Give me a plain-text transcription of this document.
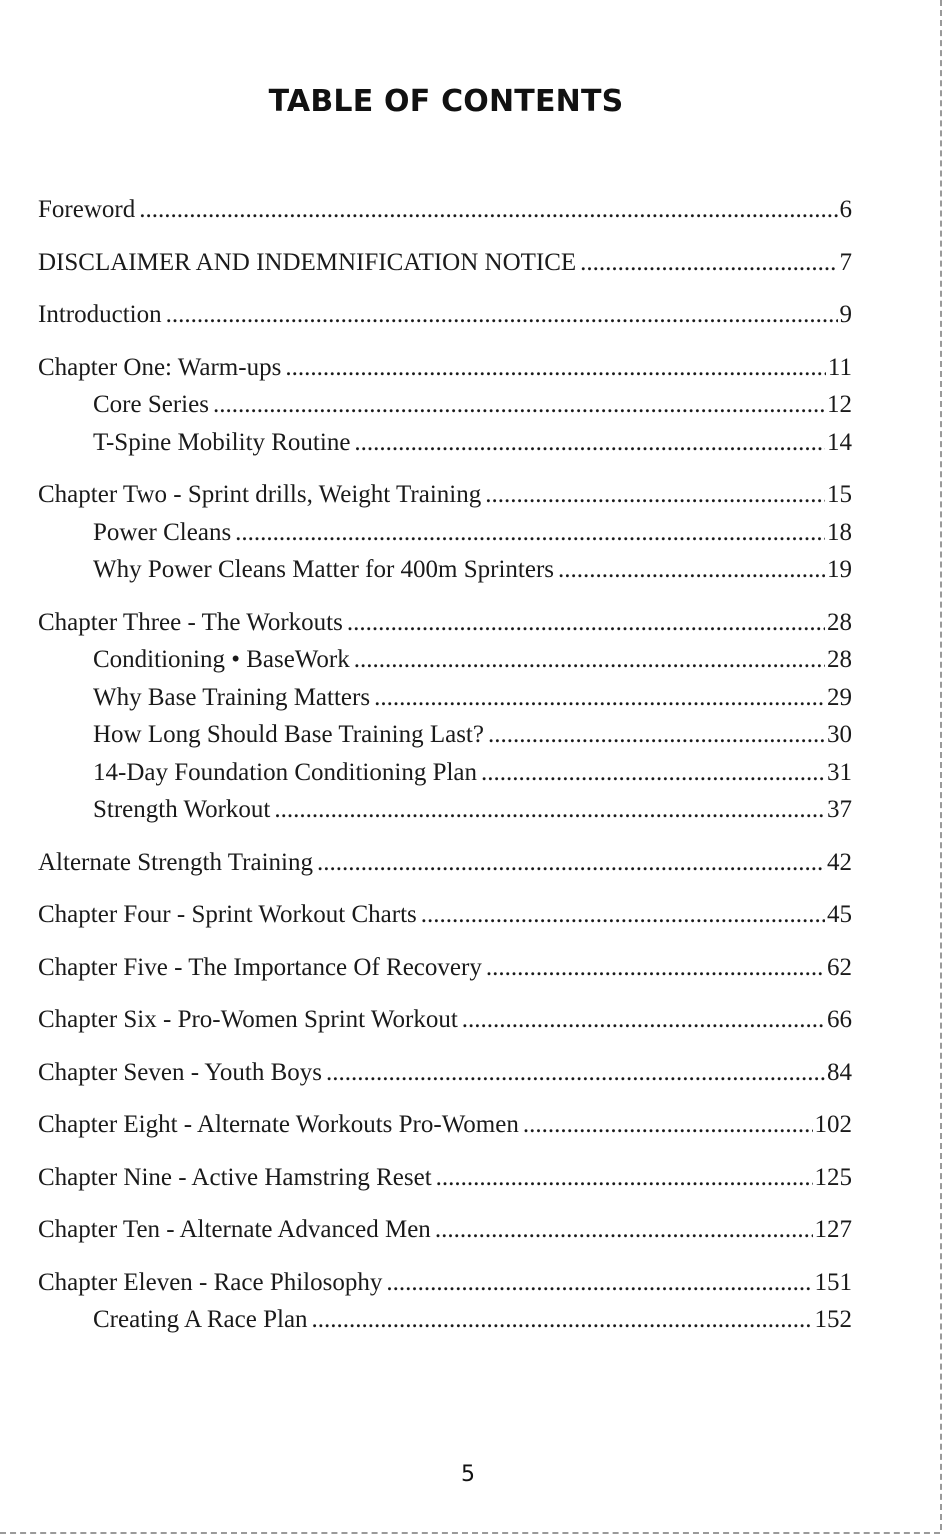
TABLE OF CONTENTS
Foreword .....	6
DISCLAIMER AND INDEMNIFICATION NOTICE .....	7
Introduction .....	9
Chapter One: Warm-ups .....	11
Core Series .....	12
T-Spine Mobility Routine .....	14
Chapter Two - Sprint drills, Weight Training .....	15
Power Cleans .....	18
Why Power Cleans Matter for 400m Sprinters .....	19
Chapter Three - The Workouts .....	28
Conditioning • BaseWork .....	28
Why Base Training Matters .....	29
How Long Should Base Training Last? .....	30
14-Day Foundation Conditioning Plan .....	31
Strength Workout .....	37
Alternate Strength Training .....	42
Chapter Four - Sprint Workout Charts .....	45
Chapter Five - The Importance Of Recovery .....	62
Chapter Six - Pro-Women Sprint Workout .....	66
Chapter Seven - Youth Boys .....	84
Chapter Eight - Alternate Workouts Pro-Women .....	102
Chapter Nine - Active Hamstring Reset .....	125
Chapter Ten - Alternate Advanced Men .....	127
Chapter Eleven - Race Philosophy .....	151
Creating A Race Plan .....	152
5
